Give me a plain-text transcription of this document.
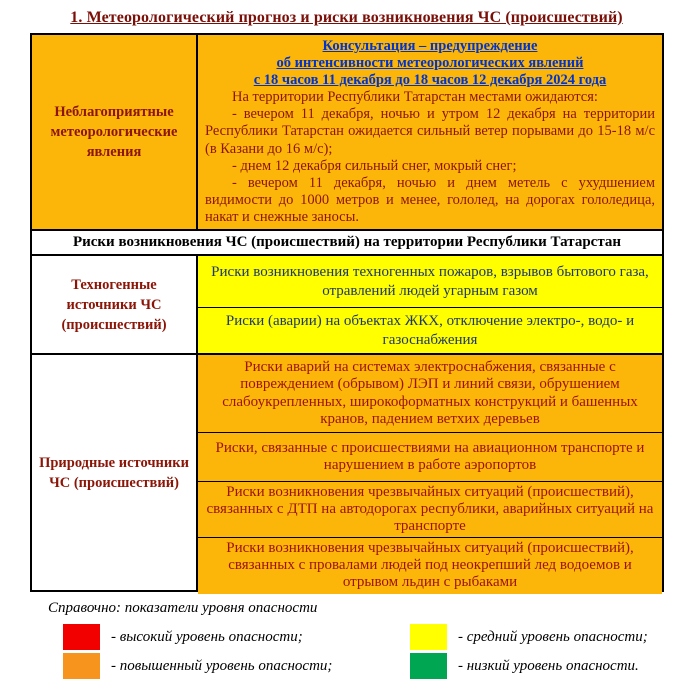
1. Метеорологический прогноз и риски возникновения ЧС (происшествий)
Неблагоприятные метеорологические явления
Консультация – предупреждение
об интенсивности метеорологических явлений
с 18 часов 11 декабря до 18 часов 12 декабря 2024 года

На территории Республики Татарстан местами ожидаются:

- вечером 11 декабря, ночью и утром 12 декабря на территории Республики Татарстан ожидается сильный ветер порывами до 15-18 м/с (в Казани до 16 м/с);

- днем 12 декабря сильный снег, мокрый снег;

- вечером 11 декабря, ночью и днем метель с ухудшением видимости до 1000 метров и менее, гололед, на дорогах гололедица, накат и снежные заносы.

Риски возникновения ЧС (происшествий) на территории Республики Татарстан
Техногенные источники ЧС (происшествий)
Риски возникновения техногенных пожаров, взрывов бытового газа, отравлений людей угарным газом
Риски (аварии) на объектах ЖКХ, отключение электро-, водо- и газоснабжения
Природные источники ЧС (происшествий)
Риски аварий на системах электроснабжения, связанные с повреждением (обрывом) ЛЭП и линий связи, обрушением слабоукрепленных, широкоформатных конструкций и башенных кранов, падением ветхих деревьев
Риски, связанные с происшествиями на авиационном транспорте и нарушением в работе аэропортов
Риски возникновения чрезвычайных ситуаций (происшествий), связанных с ДТП на автодорогах республики, аварийных ситуаций на транспорте
Риски возникновения чрезвычайных ситуаций (происшествий), связанных с провалами людей под неокрепший лед водоемов и отрывом льдин с рыбаками
Справочно: показатели уровня опасности
- высокий уровень опасности;	- средний уровень опасности;
- повышенный уровень опасности;	- низкий уровень опасности.
